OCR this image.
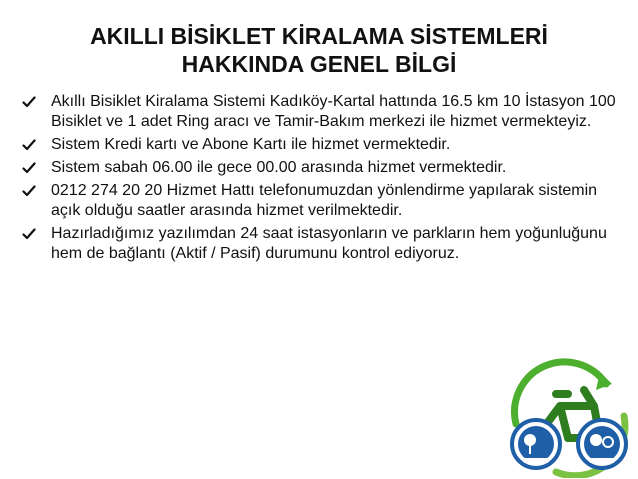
AKILLI BİSİKLET KİRALAMA SİSTEMLERİ
HAKKINDA GENEL BİLGİ
Akıllı Bisiklet Kiralama Sistemi Kadıköy-Kartal hattında 16.5 km 10 İstasyon 100 Bisiklet ve 1 adet Ring aracı ve Tamir-Bakım merkezi ile hizmet vermekteyiz.
Sistem Kredi kartı ve Abone Kartı ile hizmet vermektedir.
Sistem sabah 06.00 ile gece 00.00 arasında hizmet vermektedir.
0212 274 20 20 Hizmet Hattı telefonumuzdan yönlendirme yapılarak sistemin açık olduğu saatler arasında hizmet verilmektedir.
Hazırladığımız yazılımdan 24 saat istasyonların ve parkların hem yoğunluğunu hem de bağlantı (Aktif / Pasif) durumunu kontrol ediyoruz.
